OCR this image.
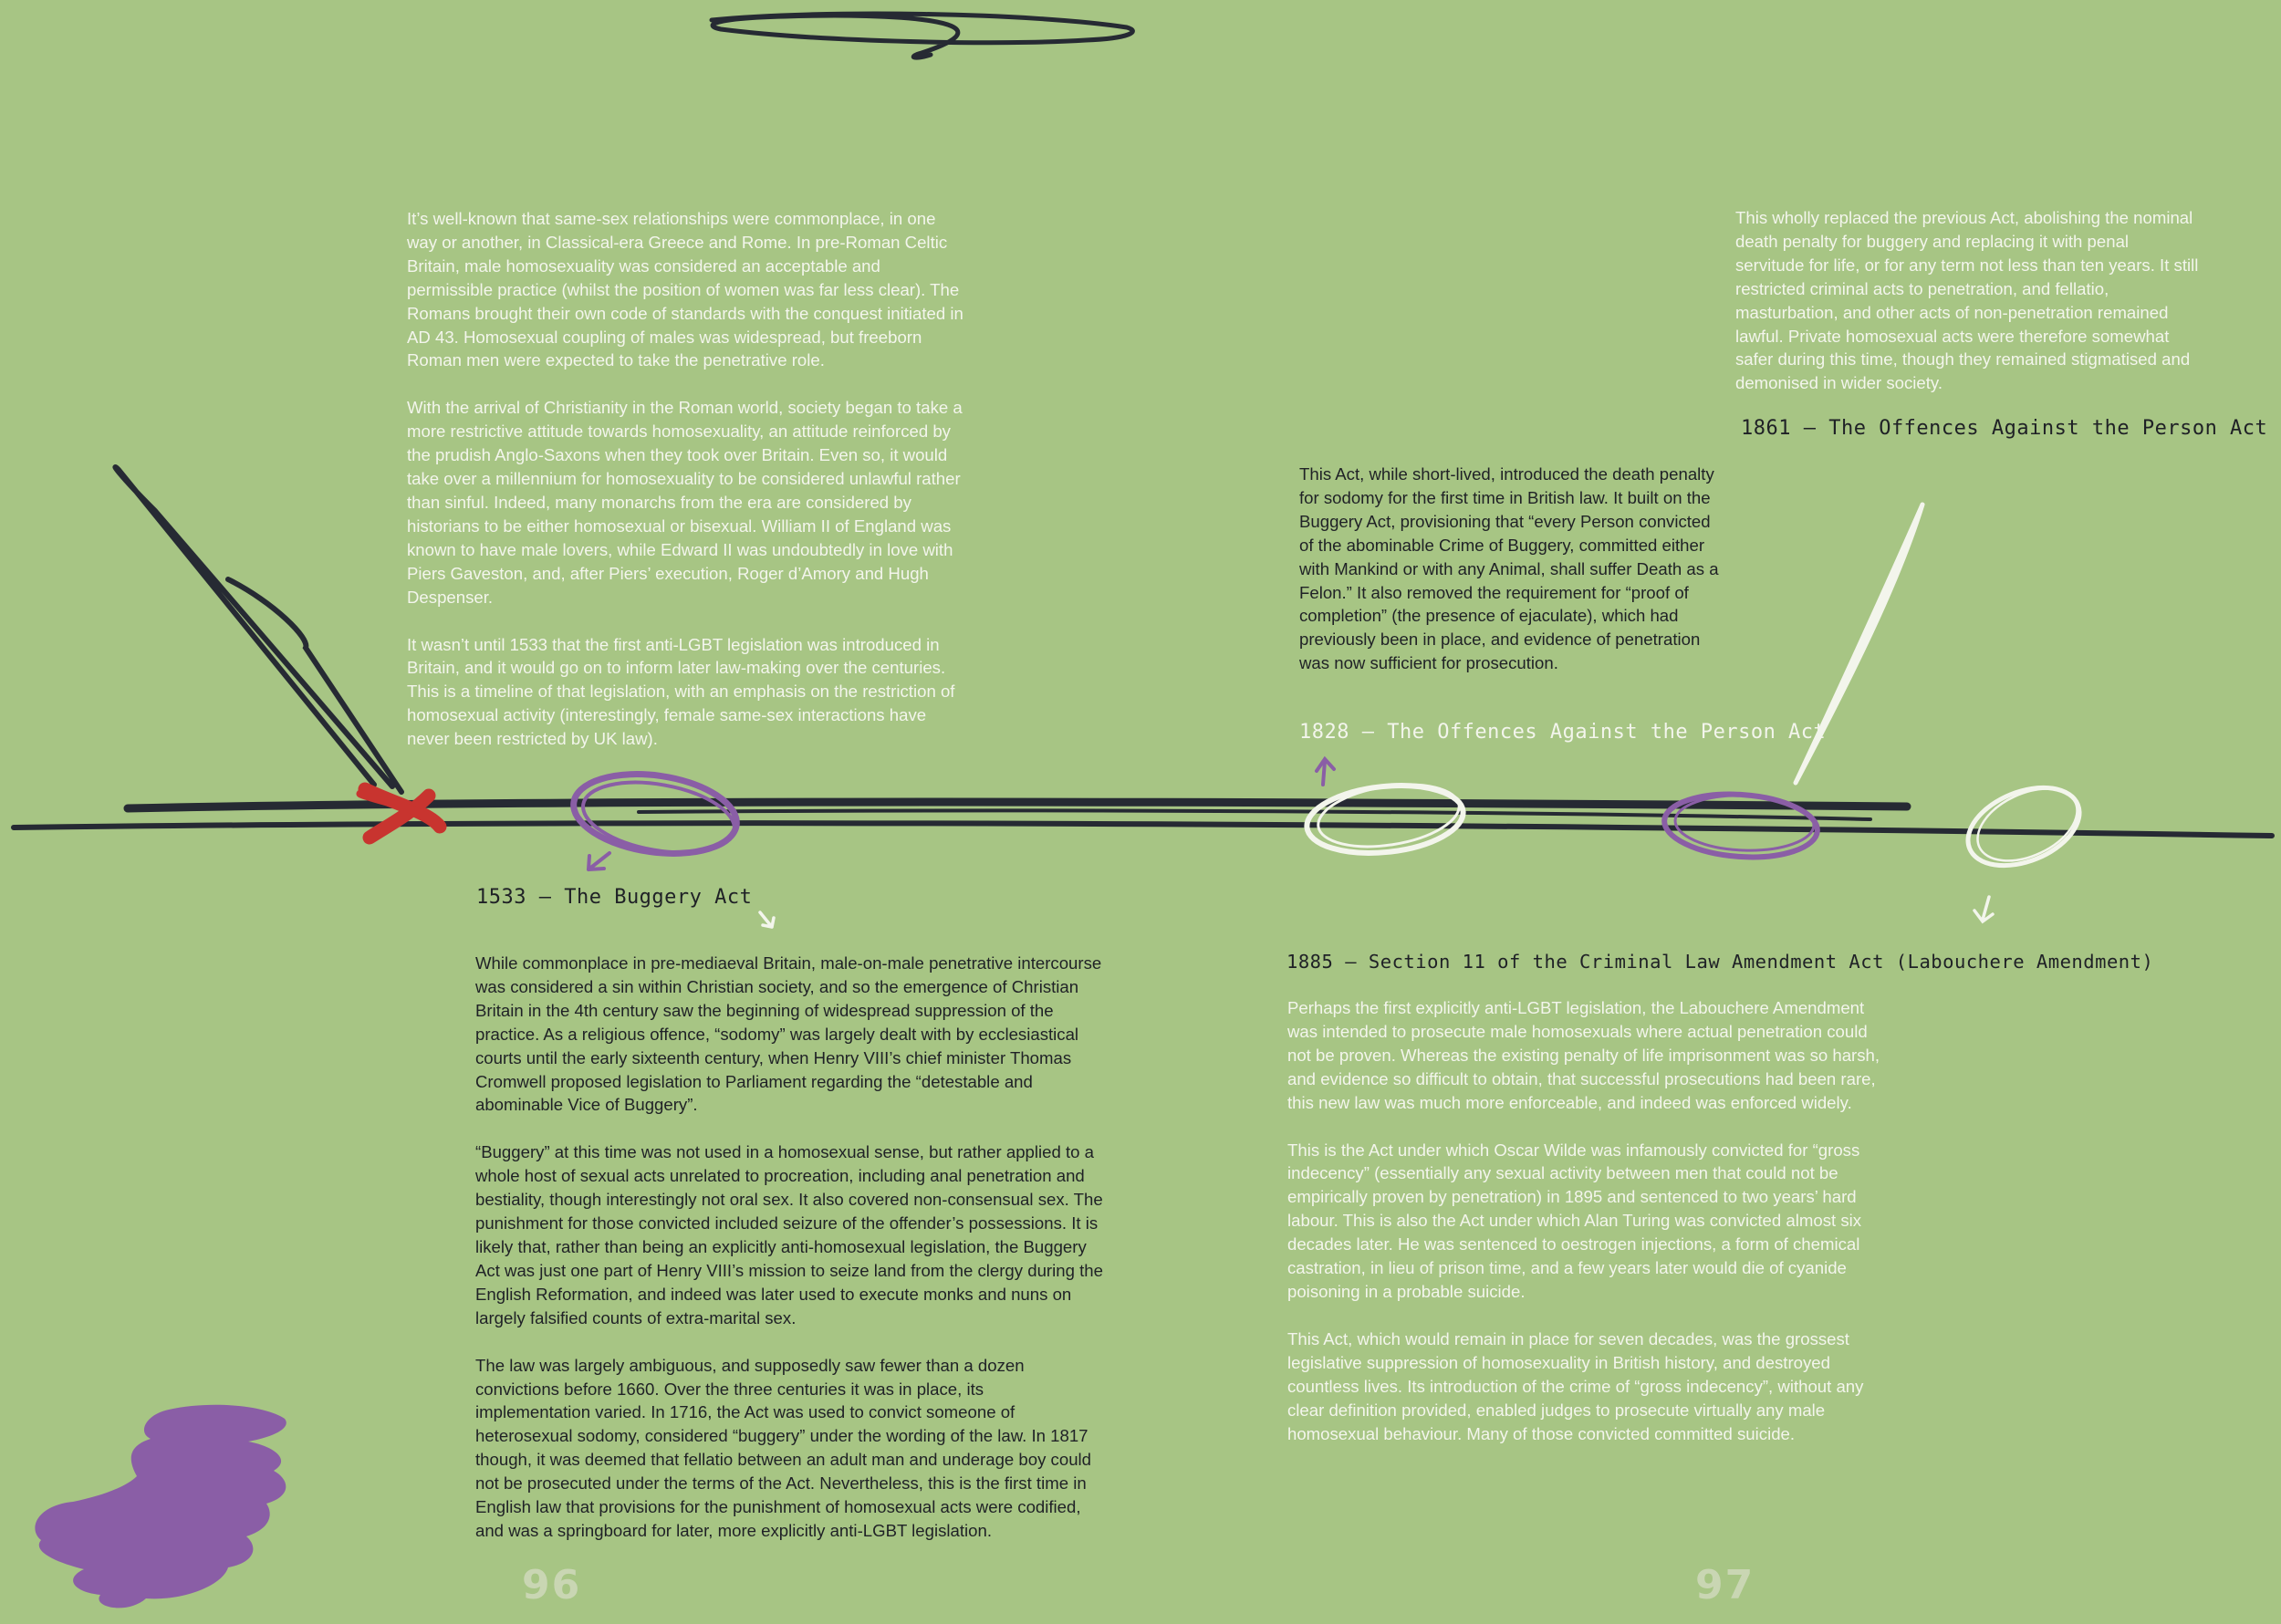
It’s well-known that same-sex relationships were commonplace, in one way or another, in Classical-era Greece and Rome. In pre-Roman Celtic Britain, male homosexuality was considered an acceptable and permissible practice (whilst the position of women was far less clear). The Romans brought their own code of standards with the conquest initiated in AD 43. Homosexual coupling of males was widespread, but freeborn Roman men were expected to take the penetrative role.

With the arrival of Christianity in the Roman world, society began to take a more restrictive attitude towards homosexuality, an attitude reinforced by the prudish Anglo-Saxons when they took over Britain. Even so, it would take over a millennium for homosexuality to be considered unlawful rather than sinful. Indeed, many monarchs from the era are considered by historians to be either homosexual or bisexual. William II of England was known to have male lovers, while Edward II was undoubtedly in love with Piers Gaveston, and, after Piers’ execution, Roger d’Amory and Hugh Despenser.

It wasn’t until 1533 that the first anti-LGBT legislation was introduced in Britain, and it would go on to inform later law-making over the centuries. This is a timeline of that legislation, with an emphasis on the restriction of homosexual activity (interestingly, female same-sex interactions have never been restricted by UK law).

1533 — The Buggery Act

While commonplace in pre-mediaeval Britain, male-on-male penetrative intercourse was considered a sin within Christian society, and so the emergence of Christian Britain in the 4th century saw the beginning of widespread suppression of the practice. As a religious offence, “sodomy” was largely dealt with by ecclesiastical courts until the early sixteenth century, when Henry VIII’s chief minister Thomas Cromwell proposed legislation to Parliament regarding the “detestable and abominable Vice of Buggery”.

“Buggery” at this time was not used in a homosexual sense, but rather applied to a whole host of sexual acts unrelated to procreation, including anal penetration and bestiality, though interestingly not oral sex. It also covered non-consensual sex. The punishment for those convicted included seizure of the offender’s possessions. It is likely that, rather than being an explicitly anti-homosexual legislation, the Buggery Act was just one part of Henry VIII’s mission to seize land from the clergy during the English Reformation, and indeed was later used to execute monks and nuns on largely falsified counts of extra-marital sex.

The law was largely ambiguous, and supposedly saw fewer than a dozen convictions before 1660. Over the three centuries it was in place, its implementation varied. In 1716, the Act was used to convict someone of heterosexual sodomy, considered “buggery” under the wording of the law. In 1817 though, it was deemed that fellatio between an adult man and underage boy could not be prosecuted under the terms of the Act. Nevertheless, this is the first time in English law that provisions for the punishment of homosexual acts were codified, and was a springboard for later, more explicitly anti-LGBT legislation.

96

This Act, while short-lived, introduced the death penalty for sodomy for the first time in British law. It built on the Buggery Act, provisioning that “every Person convicted of the abominable Crime of Buggery, committed either with Mankind or with any Animal, shall suffer Death as a Felon.” It also removed the requirement for “proof of completion” (the presence of ejaculate), which had previously been in place, and evidence of penetration was now sufficient for prosecution.

1828 — The Offences Against the Person Act

This wholly replaced the previous Act, abolishing the nominal death penalty for buggery and replacing it with penal servitude for life, or for any term not less than ten years. It still restricted criminal acts to penetration, and fellatio, masturbation, and other acts of non-penetration remained lawful. Private homosexual acts were therefore somewhat safer during this time, though they remained stigmatised and demonised in wider society.

1861 — The Offences Against the Person Act
1885 — Section 11 of the Criminal Law Amendment Act (Labouchere Amendment)

Perhaps the first explicitly anti-LGBT legislation, the Labouchere Amendment was intended to prosecute male homosexuals where actual penetration could not be proven. Whereas the existing penalty of life imprisonment was so harsh, and evidence so difficult to obtain, that successful prosecutions had been rare, this new law was much more enforceable, and indeed was enforced widely.

This is the Act under which Oscar Wilde was infamously convicted for “gross indecency” (essentially any sexual activity between men that could not be empirically proven by penetration) in 1895 and sentenced to two years’ hard labour. This is also the Act under which Alan Turing was convicted almost six decades later. He was sentenced to oestrogen injections, a form of chemical castration, in lieu of prison time, and a few years later would die of cyanide poisoning in a probable suicide.

This Act, which would remain in place for seven decades, was the grossest legislative suppression of homosexuality in British history, and destroyed countless lives. Its introduction of the crime of “gross indecency”, without any clear definition provided, enabled judges to prosecute virtually any male homosexual behaviour. Many of those convicted committed suicide.

97
